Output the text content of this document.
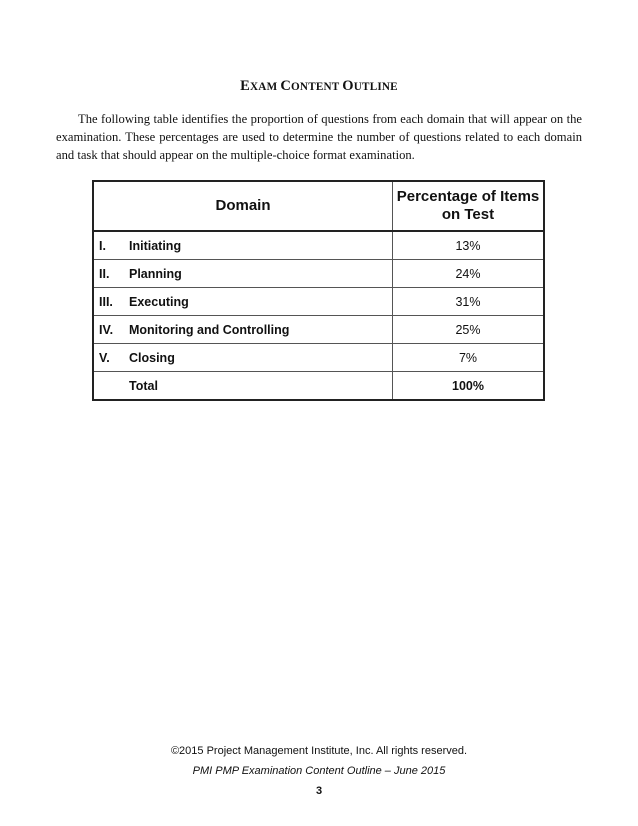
EXAM CONTENT OUTLINE

The following table identifies the proportion of questions from each domain that will appear on the examination. These percentages are used to determine the number of questions related to each domain and task that should appear on the multiple-choice format examination.

Domain	Percentage of Items
on Test
I. Initiating	13%
II. Planning	24%
III. Executing	31%
IV. Monitoring and Controlling	25%
V. Closing	7%
Total	100%
©2015 Project Management Institute, Inc. All rights reserved.
PMI PMP Examination Content Outline – June 2015
3
